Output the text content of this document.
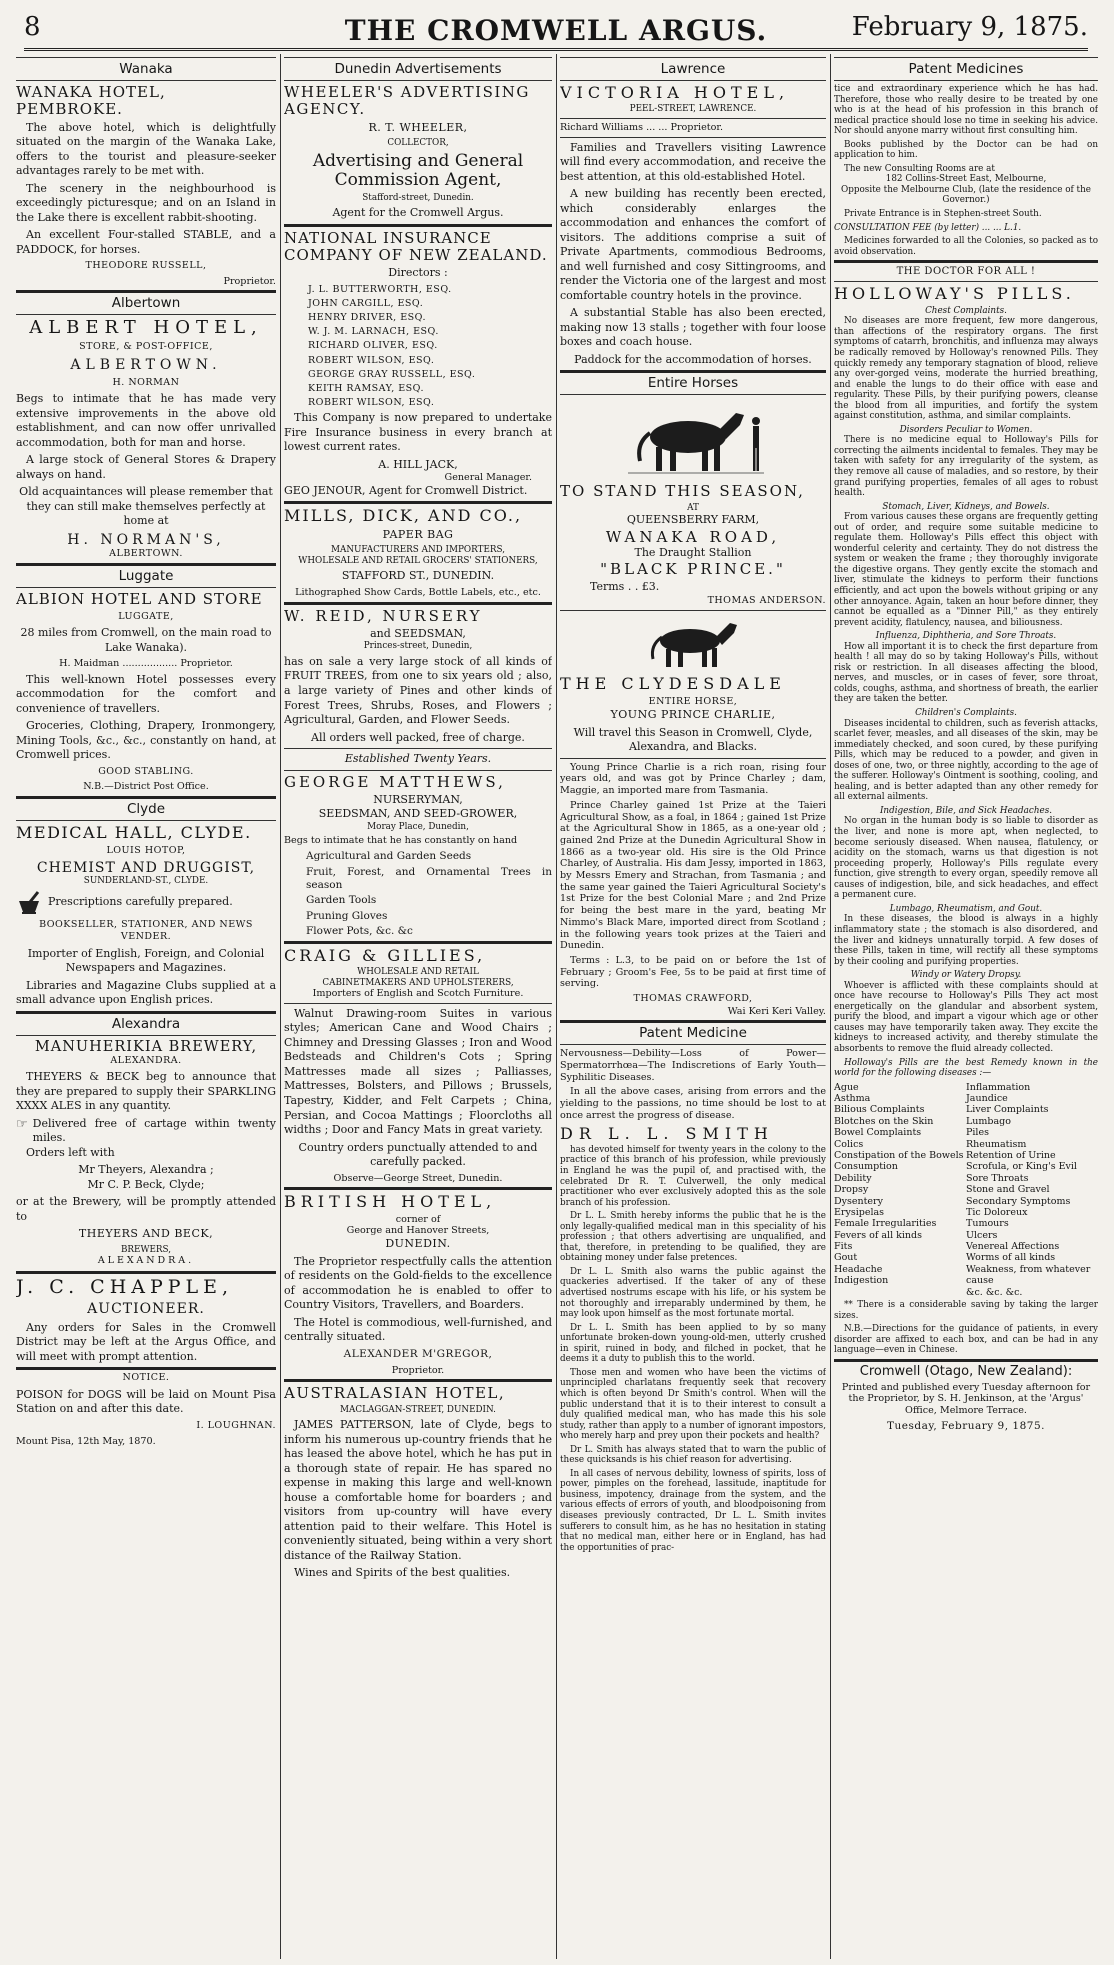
8	THE CROMWELL ARGUS.	February 9, 1875.
Wanaka
WANAKA HOTEL, PEMBROKE.

The above hotel, which is delightfully situated on the margin of the Wanaka Lake, offers to the tourist and pleasure-seeker advantages rarely to be met with.

The scenery in the neighbourhood is exceedingly picturesque; and on an Island in the Lake there is excellent rabbit-shooting.

An excellent Four-stalled STABLE, and a PADDOCK, for horses.

THEODORE RUSSELL,

Proprietor.

Albertown
ALBERT HOTEL,

STORE, & POST-OFFICE,

ALBERTOWN.

H. NORMAN

Begs to intimate that he has made very extensive improvements in the above old establishment, and can now offer unrivalled accommodation, both for man and horse.

A large stock of General Stores & Drapery always on hand.

Old acquaintances will please remember that they can still make themselves perfectly at home at

H. NORMAN'S,

ALBERTOWN.

Luggate
ALBION HOTEL AND STORE

LUGGATE,

28 miles from Cromwell, on the main road to Lake Wanaka).

H. Maidman .................. Proprietor.

This well-known Hotel possesses every accommodation for the comfort and convenience of travellers.

Groceries, Clothing, Drapery, Ironmongery, Mining Tools, &c., &c., constantly on hand, at Cromwell prices.

GOOD STABLING.

N.B.—District Post Office.

Clyde
MEDICAL HALL, CLYDE.

LOUIS HOTOP,

CHEMIST AND DRUGGIST,

SUNDERLAND-ST., CLYDE.

Prescriptions carefully prepared.

BOOKSELLER, STATIONER, AND NEWS VENDER.

Importer of English, Foreign, and Colonial Newspapers and Magazines.

Libraries and Magazine Clubs supplied at a small advance upon English prices.

Alexandra
MANUHERIKIA BREWERY,

ALEXANDRA.

THEYERS & BECK beg to announce that they are prepared to supply their SPARKLING XXXX ALES in any quantity.

☞ Delivered free of cartage within twenty miles.

Orders left with

Mr Theyers, Alexandra ;

Mr C. P. Beck, Clyde;

or at the Brewery, will be promptly attended to

THEYERS AND BECK,

BREWERS,

ALEXANDRA.

J. C. CHAPPLE,
AUCTIONEER.

Any orders for Sales in the Cromwell District may be left at the Argus Office, and will meet with prompt attention.

NOTICE.

POISON for DOGS will be laid on Mount Pisa Station on and after this date.

I. LOUGHNAN.

Mount Pisa, 12th May, 1870.

Dunedin Advertisements
WHEELER'S ADVERTISING AGENCY.

R. T. WHEELER,

COLLECTOR,

Advertising and General Commission Agent,

Stafford-street, Dunedin.

Agent for the Cromwell Argus.

NATIONAL INSURANCE COMPANY OF NEW ZEALAND.

Directors :

J. L. BUTTERWORTH, ESQ.

JOHN CARGILL, ESQ.

HENRY DRIVER, ESQ.

W. J. M. LARNACH, ESQ.

RICHARD OLIVER, ESQ.

ROBERT WILSON, ESQ.

GEORGE GRAY RUSSELL, ESQ.

KEITH RAMSAY, ESQ.

ROBERT WILSON, ESQ.

This Company is now prepared to undertake Fire Insurance business in every branch at lowest current rates.

A. HILL JACK,

General Manager.

GEO JENOUR, Agent for Cromwell District.

MILLS, DICK, AND CO.,

PAPER BAG

MANUFACTURERS AND IMPORTERS,

WHOLESALE AND RETAIL GROCERS' STATIONERS,

STAFFORD ST., DUNEDIN.

Lithographed Show Cards, Bottle Labels, etc., etc.

W. REID, NURSERY

and SEEDSMAN,

Princes-street, Dunedin,

has on sale a very large stock of all kinds of FRUIT TREES, from one to six years old ; also, a large variety of Pines and other kinds of Forest Trees, Shrubs, Roses, and Flowers ; Agricultural, Garden, and Flower Seeds.

All orders well packed, free of charge.

Established Twenty Years.

GEORGE MATTHEWS,

NURSERYMAN,

SEEDSMAN, AND SEED-GROWER,

Moray Place, Dunedin,

Begs to intimate that he has constantly on hand

Agricultural and Garden Seeds

Fruit, Forest, and Ornamental Trees in season

Garden Tools

Pruning Gloves

Flower Pots, &c. &c

CRAIG & GILLIES,

WHOLESALE AND RETAIL

CABINETMAKERS AND UPHOLSTERERS,

Importers of English and Scotch Furniture.

Walnut Drawing-room Suites in various styles; American Cane and Wood Chairs ; Chimney and Dressing Glasses ; Iron and Wood Bedsteads and Children's Cots ; Spring Mattresses made all sizes ; Palliasses, Mattresses, Bolsters, and Pillows ; Brussels, Tapestry, Kidder, and Felt Carpets ; China, Persian, and Cocoa Mattings ; Floorcloths all widths ; Door and Fancy Mats in great variety.

Country orders punctually attended to and carefully packed.

Observe—George Street, Dunedin.

BRITISH HOTEL,

corner of

George and Hanover Streets,

DUNEDIN.

The Proprietor respectfully calls the attention of residents on the Gold-fields to the excellence of accommodation he is enabled to offer to Country Visitors, Travellers, and Boarders.

The Hotel is commodious, well-furnished, and centrally situated.

ALEXANDER M'GREGOR,

Proprietor.

AUSTRALASIAN HOTEL,

MACLAGGAN-STREET, DUNEDIN.

JAMES PATTERSON, late of Clyde, begs to inform his numerous up-country friends that he has leased the above hotel, which he has put in a thorough state of repair. He has spared no expense in making this large and well-known house a comfortable home for boarders ; and visitors from up-country will have every attention paid to their welfare. This Hotel is conveniently situated, being within a very short distance of the Railway Station.

Wines and Spirits of the best qualities.

Lawrence
VICTORIA HOTEL,

PEEL-STREET, LAWRENCE.

Richard Williams ... ... Proprietor.

Families and Travellers visiting Lawrence will find every accommodation, and receive the best attention, at this old-established Hotel.

A new building has recently been erected, which considerably enlarges the accommodation and enhances the comfort of visitors. The additions comprise a suit of Private Apartments, commodious Bedrooms, and well furnished and cosy Sittingrooms, and render the Victoria one of the largest and most comfortable country hotels in the province.

A substantial Stable has also been erected, making now 13 stalls ; together with four loose boxes and coach house.

Paddock for the accommodation of horses.

Entire Horses
TO STAND THIS SEASON,

AT

QUEENSBERRY FARM,

WANAKA ROAD,

The Draught Stallion

"BLACK PRINCE."

Terms . . £3.

THOMAS ANDERSON.

THE CLYDESDALE

ENTIRE HORSE,

YOUNG PRINCE CHARLIE,

Will travel this Season in Cromwell, Clyde, Alexandra, and Blacks.

Young Prince Charlie is a rich roan, rising four years old, and was got by Prince Charley ; dam, Maggie, an imported mare from Tasmania.

Prince Charley gained 1st Prize at the Taieri Agricultural Show, as a foal, in 1864 ; gained 1st Prize at the Agricultural Show in 1865, as a one-year old ; gained 2nd Prize at the Dunedin Agricultural Show in 1866 as a two-year old. His sire is the Old Prince Charley, of Australia. His dam Jessy, imported in 1863, by Messrs Emery and Strachan, from Tasmania ; and the same year gained the Taieri Agricultural Society's 1st Prize for the best Colonial Mare ; and 2nd Prize for being the best mare in the yard, beating Mr Nimmo's Black Mare, imported direct from Scotland ; in the following years took prizes at the Taieri and Dunedin.

Terms : L.3, to be paid on or before the 1st of February ; Groom's Fee, 5s to be paid at first time of serving.

THOMAS CRAWFORD,

Wai Keri Keri Valley.

Patent Medicine

Nervousness—Debility—Loss of Power—Spermatorrhœa—The Indiscretions of Early Youth—Syphilitic Diseases.

In all the above cases, arising from errors and the yielding to the passions, no time should be lost to at once arrest the progress of disease.

DR L. L. SMITH

has devoted himself for twenty years in the colony to the practice of this branch of his profession, while previously in England he was the pupil of, and practised with, the celebrated Dr R. T. Culverwell, the only medical practitioner who ever exclusively adopted this as the sole branch of his profession.

Dr L. L. Smith hereby informs the public that he is the only legally-qualified medical man in this speciality of his profession ; that others advertising are unqualified, and that, therefore, in pretending to be qualified, they are obtaining money under false pretences.

Dr L. L. Smith also warns the public against the quackeries advertised. If the taker of any of these advertised nostrums escape with his life, or his system be not thoroughly and irreparably undermined by them, he may look upon himself as the most fortunate mortal.

Dr L. L. Smith has been applied to by so many unfortunate broken-down young-old-men, utterly crushed in spirit, ruined in body, and filched in pocket, that he deems it a duty to publish this to the world.

Those men and women who have been the victims of unprincipled charlatans frequently seek that recovery which is often beyond Dr Smith's control. When will the public understand that it is to their interest to consult a duly qualified medical man, who has made this his sole study, rather than apply to a number of ignorant impostors, who merely harp and prey upon their pockets and health?

Dr L. Smith has always stated that to warn the public of these quicksands is his chief reason for advertising.

In all cases of nervous debility, lowness of spirits, loss of power, pimples on the forehead, lassitude, inaptitude for business, impotency, drainage from the system, and the various effects of errors of youth, and bloodpoisoning from diseases previously contracted, Dr L. L. Smith invites sufferers to consult him, as he has no hesitation in stating that no medical man, either here or in England, has had the opportunities of prac-

Patent Medicines

tice and extraordinary experience which he has had. Therefore, those who really desire to be treated by one who is at the head of his profession in this branch of medical practice should lose no time in seeking his advice. Nor should anyone marry without first consulting him.

Books published by the Doctor can be had on application to him.

The new Consulting Rooms are at

182 Collins-Street East, Melbourne,

Opposite the Melbourne Club, (late the residence of the Governor.)

Private Entrance is in Stephen-street South.

CONSULTATION FEE (by letter) ... ... L.1.

Medicines forwarded to all the Colonies, so packed as to avoid observation.

THE DOCTOR FOR ALL !

HOLLOWAY'S PILLS.

Chest Complaints.

No diseases are more frequent, few more dangerous, than affections of the respiratory organs. The first symptoms of catarrh, bronchitis, and influenza may always be radically removed by Holloway's renowned Pills. They quickly remedy any temporary stagnation of blood, relieve any over-gorged veins, moderate the hurried breathing, and enable the lungs to do their office with ease and regularity. These Pills, by their purifying powers, cleanse the blood from all impurities, and fortify the system against constitution, asthma, and similar complaints.

Disorders Peculiar to Women.

There is no medicine equal to Holloway's Pills for correcting the ailments incidental to females. They may be taken with safety for any irregularity of the system, as they remove all cause of maladies, and so restore, by their grand purifying properties, females of all ages to robust health.

Stomach, Liver, Kidneys, and Bowels.

From various causes these organs are frequently getting out of order, and require some suitable medicine to regulate them. Holloway's Pills effect this object with wonderful celerity and certainty. They do not distress the system or weaken the frame ; they thoroughly invigorate the digestive organs. They gently excite the stomach and liver, stimulate the kidneys to perform their functions efficiently, and act upon the bowels without griping or any other annoyance. Again, taken an hour before dinner, they cannot be equalled as a "Dinner Pill," as they entirely prevent acidity, flatulency, nausea, and biliousness.

Influenza, Diphtheria, and Sore Throats.

How all important it is to check the first departure from health ! all may do so by taking Holloway's Pills, without risk or restriction. In all diseases affecting the blood, nerves, and muscles, or in cases of fever, sore throat, colds, coughs, asthma, and shortness of breath, the earlier they are taken the better.

Children's Complaints.

Diseases incidental to children, such as feverish attacks, scarlet fever, measles, and all diseases of the skin, may be immediately checked, and soon cured, by these purifying Pills, which may be reduced to a powder, and given in doses of one, two, or three nightly, according to the age of the sufferer. Holloway's Ointment is soothing, cooling, and healing, and is better adapted than any other remedy for all external ailments.

Indigestion, Bile, and Sick Headaches.

No organ in the human body is so liable to disorder as the liver, and none is more apt, when neglected, to become seriously diseased. When nausea, flatulency, or acidity on the stomach, warns us that digestion is not proceeding properly, Holloway's Pills regulate every function, give strength to every organ, speedily remove all causes of indigestion, bile, and sick headaches, and effect a permanent cure.

Lumbago, Rheumatism, and Gout.

In these diseases, the blood is always in a highly inflammatory state ; the stomach is also disordered, and the liver and kidneys unnaturally torpid. A few doses of these Pills, taken in time, will rectify all these symptoms by their cooling and purifying properties.

Windy or Watery Dropsy.

Whoever is afflicted with these complaints should at once have recourse to Holloway's Pills They act most energetically on the glandular and absorbent system, purify the blood, and impart a vigour which age or other causes may have temporarily taken away. They excite the kidneys to increased activity, and thereby stimulate the absorbents to remove the fluid already collected.

Holloway's Pills are the best Remedy known in the world for the following diseases :—

Ague
Asthma
Bilious Complaints
Blotches on the Skin
Bowel Complaints
Colics
Constipation of the Bowels
Consumption
Debility
Dropsy
Dysentery
Erysipelas
Female Irregularities
Fevers of all kinds
Fits
Gout
Headache
Indigestion
Inflammation
Jaundice
Liver Complaints
Lumbago
Piles
Rheumatism
Retention of Urine
Scrofula, or King's Evil
Sore Throats
Stone and Gravel
Secondary Symptoms
Tic Doloreux
Tumours
Ulcers
Venereal Affections
Worms of all kinds
Weakness, from whatever cause
&c. &c. &c.

** There is a considerable saving by taking the larger sizes.

N.B.—Directions for the guidance of patients, in every disorder are affixed to each box, and can be had in any language—even in Chinese.

Cromwell (Otago, New Zealand):

Printed and published every Tuesday afternoon for the Proprietor, by S. H. Jenkinson, at the 'Argus' Office, Melmore Terrace.

Tuesday, February 9, 1875.
